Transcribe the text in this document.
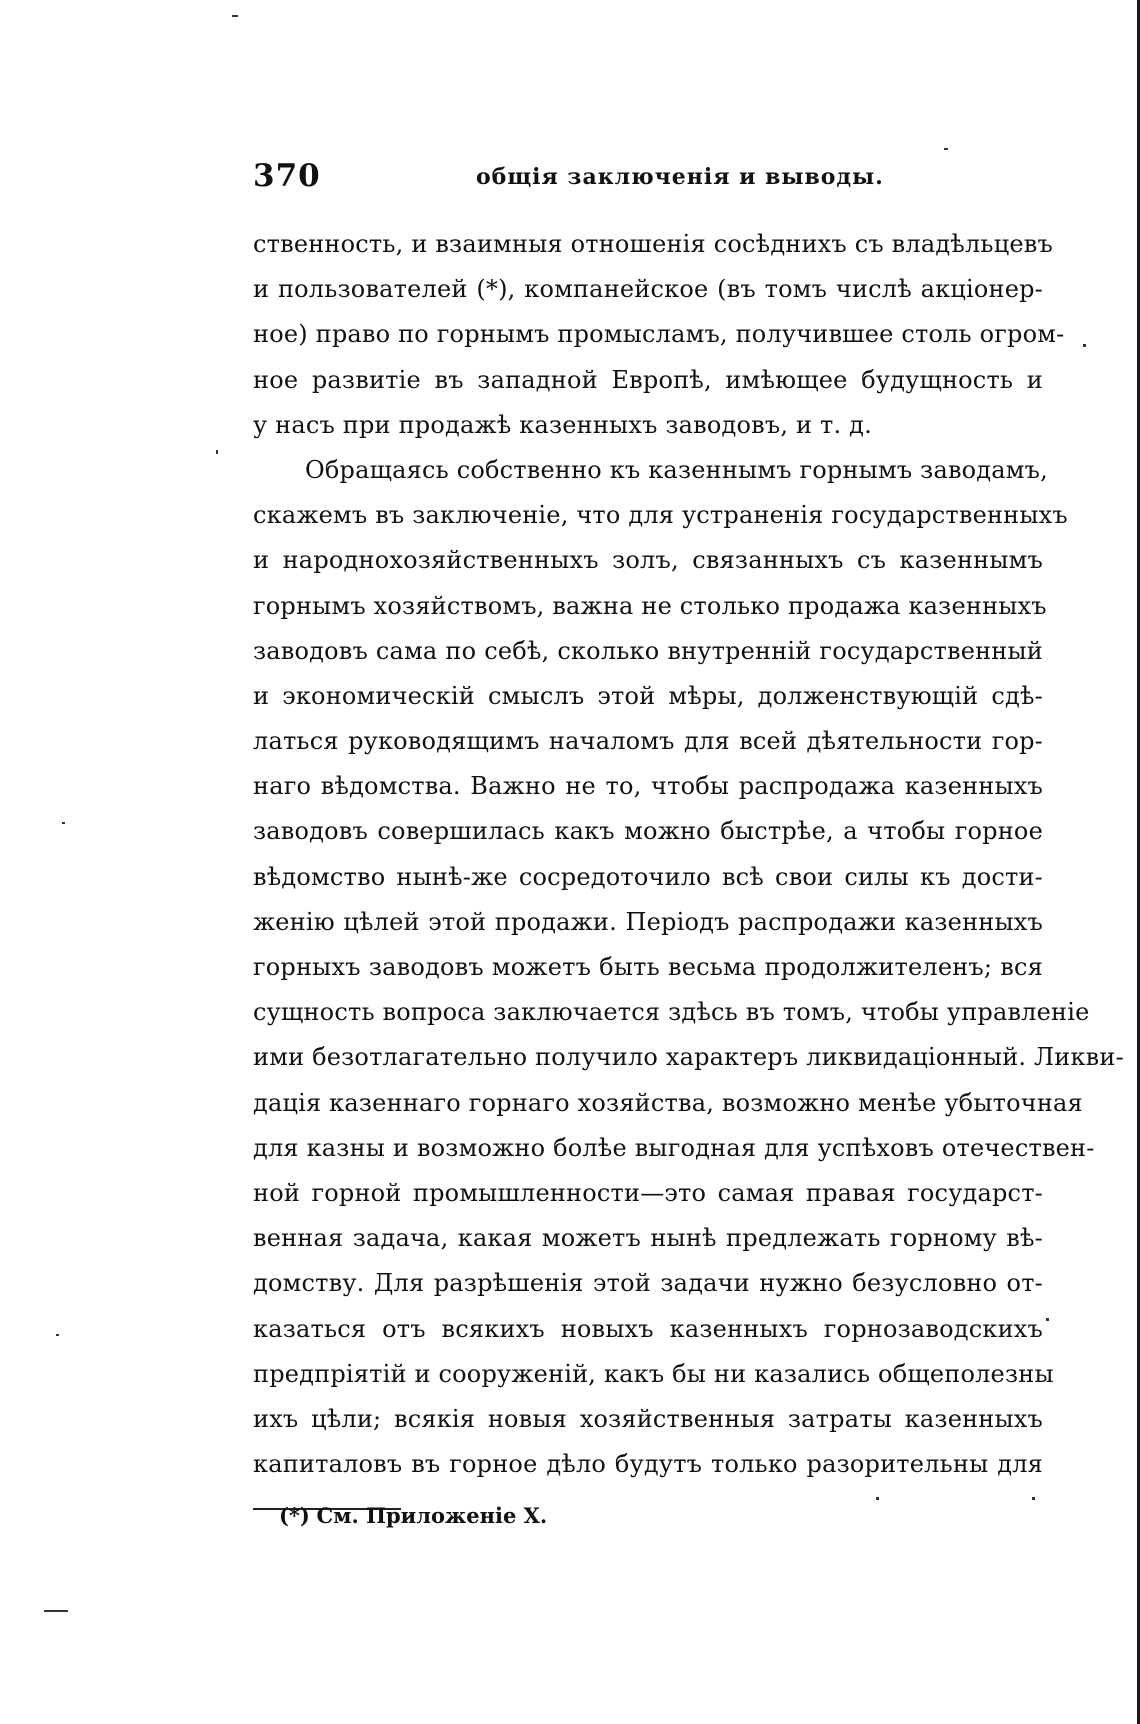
370	общія заключенія и выводы.
ственность, и взаимныя отношенія сосѣднихъ съ владѣльцевъ
и пользователей (*), компанейское (въ томъ числѣ акціонер-
ное) право по горнымъ промысламъ, получившее столь огром-
ное развитіе въ западной Европѣ, имѣющее будущность и
у насъ при продажѣ казенныхъ заводовъ, и т. д.
Обращаясь собственно къ казеннымъ горнымъ заводамъ,
скажемъ въ заключеніе, что для устраненія государственныхъ
и народнохозяйственныхъ золъ, связанныхъ съ казеннымъ
горнымъ хозяйствомъ, важна не столько продажа казенныхъ
заводовъ сама по себѣ, сколько внутренній государственный
и экономическій смыслъ этой мѣры, долженствующій сдѣ-
латься руководящимъ началомъ для всей дѣятельности гор-
наго вѣдомства. Важно не то, чтобы распродажа казенныхъ
заводовъ совершилась какъ можно быстрѣе, а чтобы горное
вѣдомство нынѣ-же сосредоточило всѣ свои силы къ дости-
женію цѣлей этой продажи. Періодъ распродажи казенныхъ
горныхъ заводовъ можетъ быть весьма продолжителенъ; вся
сущность вопроса заключается здѣсь въ томъ, чтобы управленіе
ими безотлагательно получило характеръ ликвидаціонный. Ликви-
дація казеннаго горнаго хозяйства, возможно менѣе убыточная
для казны и возможно болѣе выгодная для успѣховъ отечествен-
ной горной промышленности—это самая правая государст-
венная задача, какая можетъ нынѣ предлежать горному вѣ-
домству. Для разрѣшенія этой задачи нужно безусловно от-
казаться отъ всякихъ новыхъ казенныхъ горнозаводскихъ
предпріятій и сооруженій, какъ бы ни казались общеполезны
ихъ цѣли; всякія новыя хозяйственныя затраты казенныхъ
капиталовъ въ горное дѣло будутъ только разорительны для
(*) См. Приложеніе X.
